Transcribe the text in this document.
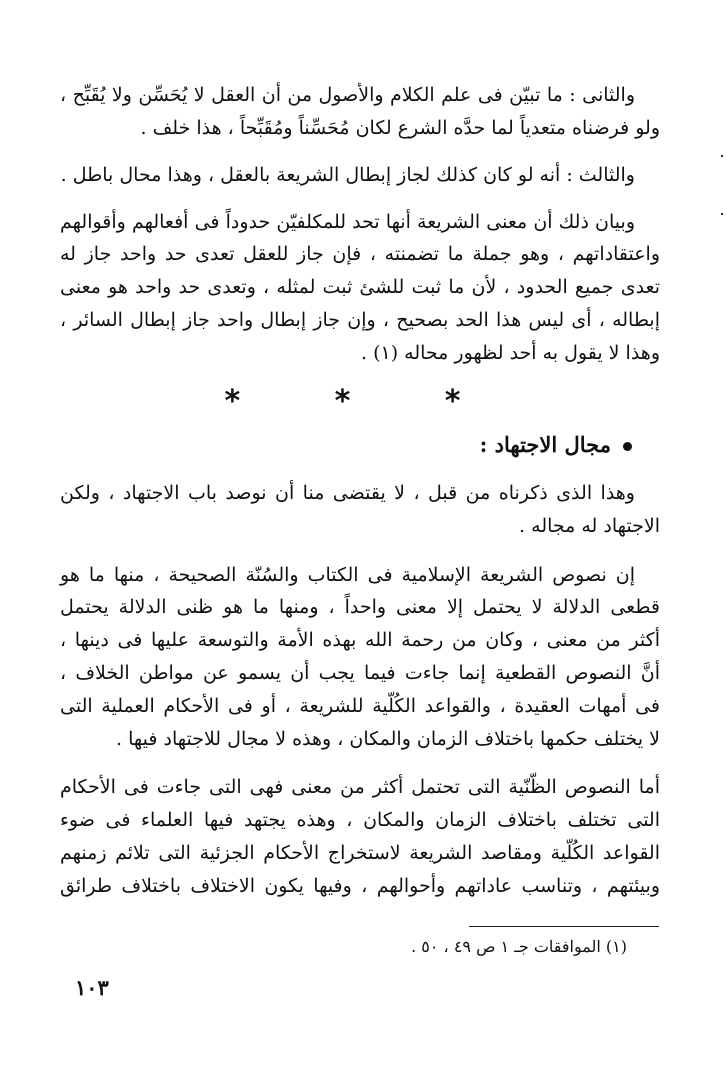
والثانى : ما تبيّن فى علم الكلام والأصول من أن العقل لا يُحَسِّن ولا يُقَبِّح ،
ولو فرضناه متعدياً لما حدَّه الشرع لكان مُحَسِّناً ومُقَبِّحاً ، هذا خلف .
والثالث : أنه لو كان كذلك لجاز إبطال الشريعة بالعقل ، وهذا محال باطل .
وبيان ذلك أن معنى الشريعة أنها تحد للمكلفيّن حدوداً فى أفعالهم وأقوالهم
واعتقاداتهم ، وهو جملة ما تضمنته ، فإن جاز للعقل تعدى حد واحد جاز له
تعدى جميع الحدود ، لأن ما ثبت للشئ ثبت لمثله ، وتعدى حد واحد هو معنى
إبطاله ، أى ليس هذا الحد بصحيح ، وإن جاز إبطال واحد جاز إبطال السائر ،
وهذا لا يقول به أحد لظهور محاله (١) .
* * *
مجال الاجتهاد :
وهذا الذى ذكرناه من قبل ، لا يقتضى منا أن نوصد باب الاجتهاد ، ولكن
الاجتهاد له مجاله .
إن نصوص الشريعة الإسلامية فى الكتاب والسُنّة الصحيحة ، منها ما هو
قطعى الدلالة لا يحتمل إلا معنى واحداً ، ومنها ما هو ظنى الدلالة يحتمل
أكثر من معنى ، وكان من رحمة الله بهذه الأمة والتوسعة عليها فى دينها ،
أنَّ النصوص القطعية إنما جاءت فيما يجب أن يسمو عن مواطن الخلاف ،
فى أمهات العقيدة ، والقواعد الكُلّية للشريعة ، أو فى الأحكام العملية التى
لا يختلف حكمها باختلاف الزمان والمكان ، وهذه لا مجال للاجتهاد فيها .
أما النصوص الظّنّية التى تحتمل أكثر من معنى فهى التى جاءت فى الأحكام
التى تختلف باختلاف الزمان والمكان ، وهذه يجتهد فيها العلماء فى ضوء
القواعد الكُلّية ومقاصد الشريعة لاستخراج الأحكام الجزئية التى تلائم زمنهم
وبيئتهم ، وتناسب عاداتهم وأحوالهم ، وفيها يكون الاختلاف باختلاف طرائق
(١) الموافقات جـ ١ ص ٤٩ ، ٥٠ .
١٠٣
